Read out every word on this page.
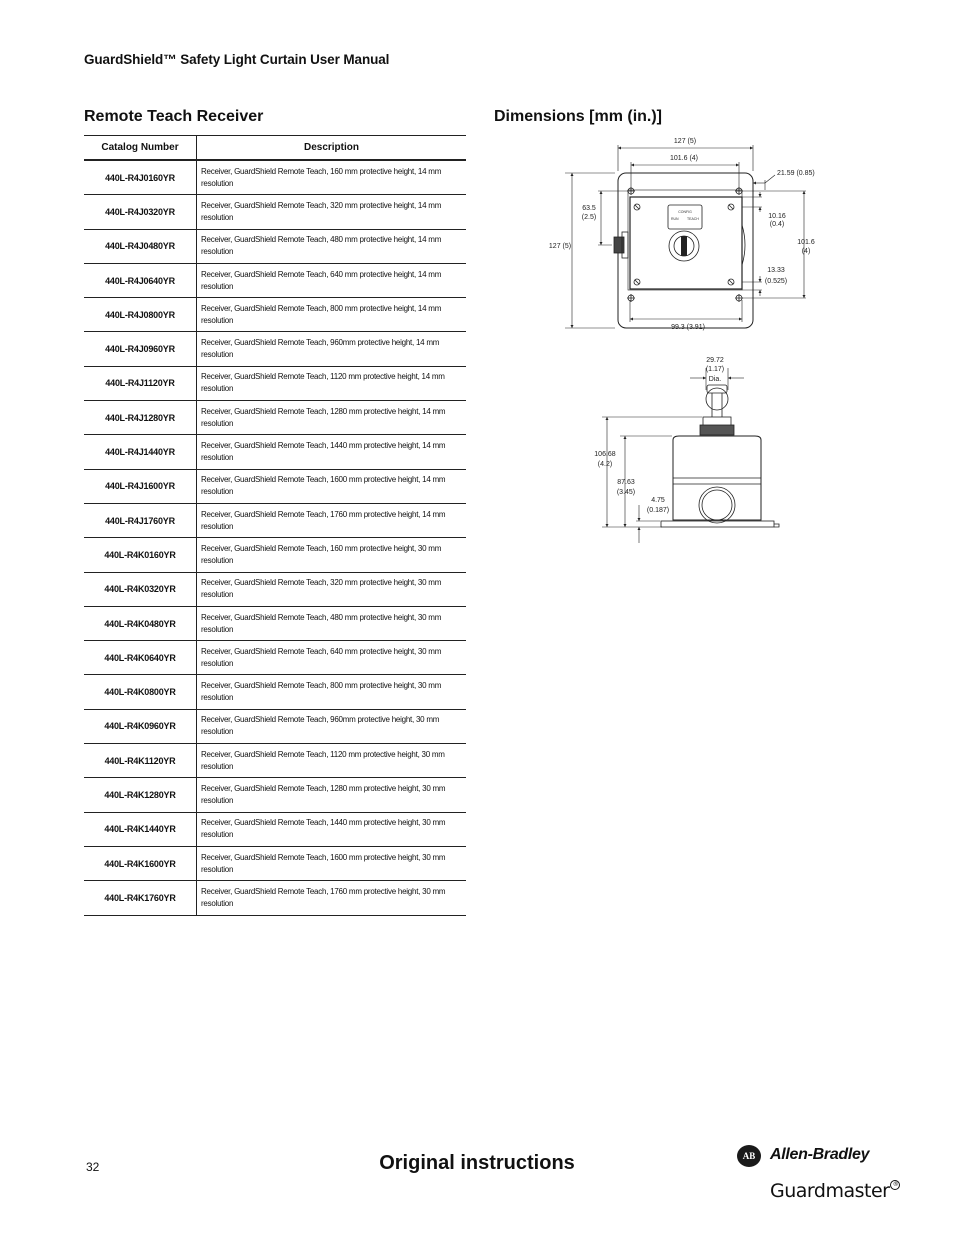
GuardShield™ Safety Light Curtain User Manual
Remote Teach Receiver	Dimensions [mm (in.)]
Catalog Number	Description
440L-R4J0160YR	Receiver, GuardShield Remote Teach, 160 mm protective height, 14 mm resolution
440L-R4J0320YR	Receiver, GuardShield Remote Teach, 320 mm protective height, 14 mm resolution
440L-R4J0480YR	Receiver, GuardShield Remote Teach, 480 mm protective height, 14 mm resolution
440L-R4J0640YR	Receiver, GuardShield Remote Teach, 640 mm protective height, 14 mm resolution
440L-R4J0800YR	Receiver, GuardShield Remote Teach, 800 mm protective height, 14 mm resolution
440L-R4J0960YR	Receiver, GuardShield Remote Teach, 960mm protective height, 14 mm resolution
440L-R4J1120YR	Receiver, GuardShield Remote Teach, 1120 mm protective height, 14 mm resolution
440L-R4J1280YR	Receiver, GuardShield Remote Teach, 1280 mm protective height, 14 mm resolution
440L-R4J1440YR	Receiver, GuardShield Remote Teach, 1440 mm protective height, 14 mm resolution
440L-R4J1600YR	Receiver, GuardShield Remote Teach, 1600 mm protective height, 14 mm resolution
440L-R4J1760YR	Receiver, GuardShield Remote Teach, 1760 mm protective height, 14 mm resolution
440L-R4K0160YR	Receiver, GuardShield Remote Teach, 160 mm protective height, 30 mm resolution
440L-R4K0320YR	Receiver, GuardShield Remote Teach, 320 mm protective height, 30 mm resolution
440L-R4K0480YR	Receiver, GuardShield Remote Teach, 480 mm protective height, 30 mm resolution
440L-R4K0640YR	Receiver, GuardShield Remote Teach, 640 mm protective height, 30 mm resolution
440L-R4K0800YR	Receiver, GuardShield Remote Teach, 800 mm protective height, 30 mm resolution
440L-R4K0960YR	Receiver, GuardShield Remote Teach, 960mm protective height, 30 mm resolution
440L-R4K1120YR	Receiver, GuardShield Remote Teach, 1120 mm protective height, 30 mm resolution
440L-R4K1280YR	Receiver, GuardShield Remote Teach, 1280 mm protective height, 30 mm resolution
440L-R4K1440YR	Receiver, GuardShield Remote Teach, 1440 mm protective height, 30 mm resolution
440L-R4K1600YR	Receiver, GuardShield Remote Teach, 1600 mm protective height, 30 mm resolution
440L-R4K1760YR	Receiver, GuardShield Remote Teach, 1760 mm protective height, 30 mm resolution
127 (5)
101.6 (4)
21.59 (0.85)
63.5
(2.5)
127 (5)
10.16
(0.4)
101.6
(4)
13.33
(0.525)
99.3 (3.91)
29.72
(1.17)
Dia.
106.68
(4.2)
87.63
(3.45)
4.75
(0.187)
CONFIG
RUN TEACH
32	Original instructions	AB Allen-Bradley
Guardmaster ®
